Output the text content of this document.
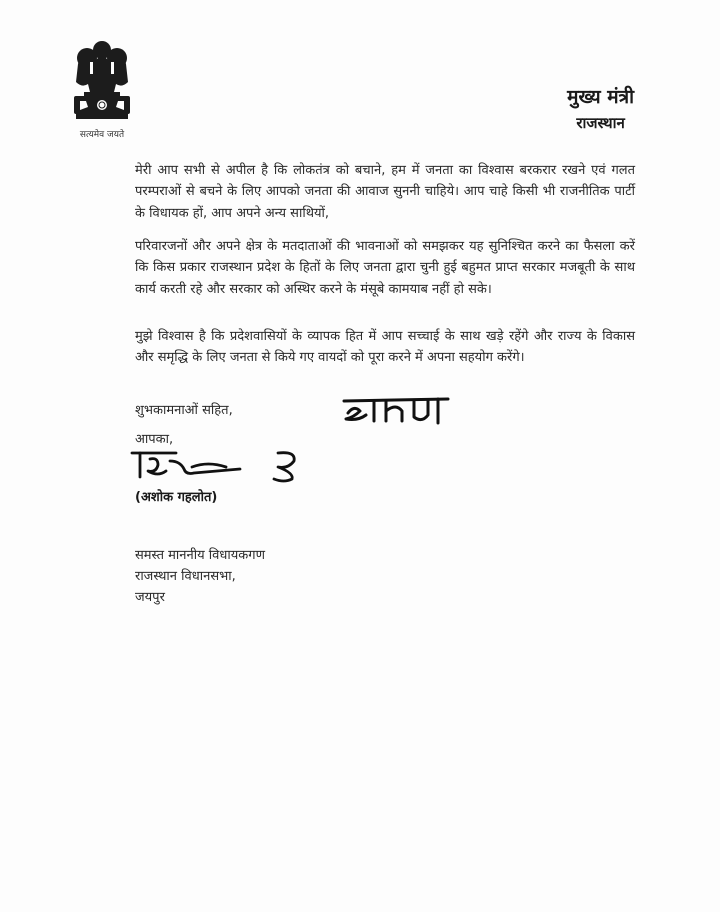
सत्यमेव जयते

मुख्य मंत्री

राजस्थान

मेरी आप सभी से अपील है कि लोकतंत्र को बचाने, हम में जनता का विश्वास बरकरार रखने एवं गलत परम्पराओं से बचने के लिए आपको जनता की आवाज सुननी चाहिये। आप चाहे किसी भी राजनीतिक पार्टी के विधायक हों, आप अपने अन्य साथियों,

परिवारजनों और अपने क्षेत्र के मतदाताओं की भावनाओं को समझकर यह सुनिश्चित करने का फैसला करें कि किस प्रकार राजस्थान प्रदेश के हितों के लिए जनता द्वारा चुनी हुई बहुमत प्राप्त सरकार मजबूती के साथ कार्य करती रहे और सरकार को अस्थिर करने के मंसूबे कामयाब नहीं हो सके।

मुझे विश्वास है कि प्रदेशवासियों के व्यापक हित में आप सच्चाई के साथ खड़े रहेंगे और राज्य के विकास और समृद्धि के लिए जनता से किये गए वायदों को पूरा करने में अपना सहयोग करेंगे।

शुभकामनाओं सहित,

आपका,

(अशोक गहलोत)

समस्त माननीय विधायकगण
राजस्थान विधानसभा,
जयपुर
